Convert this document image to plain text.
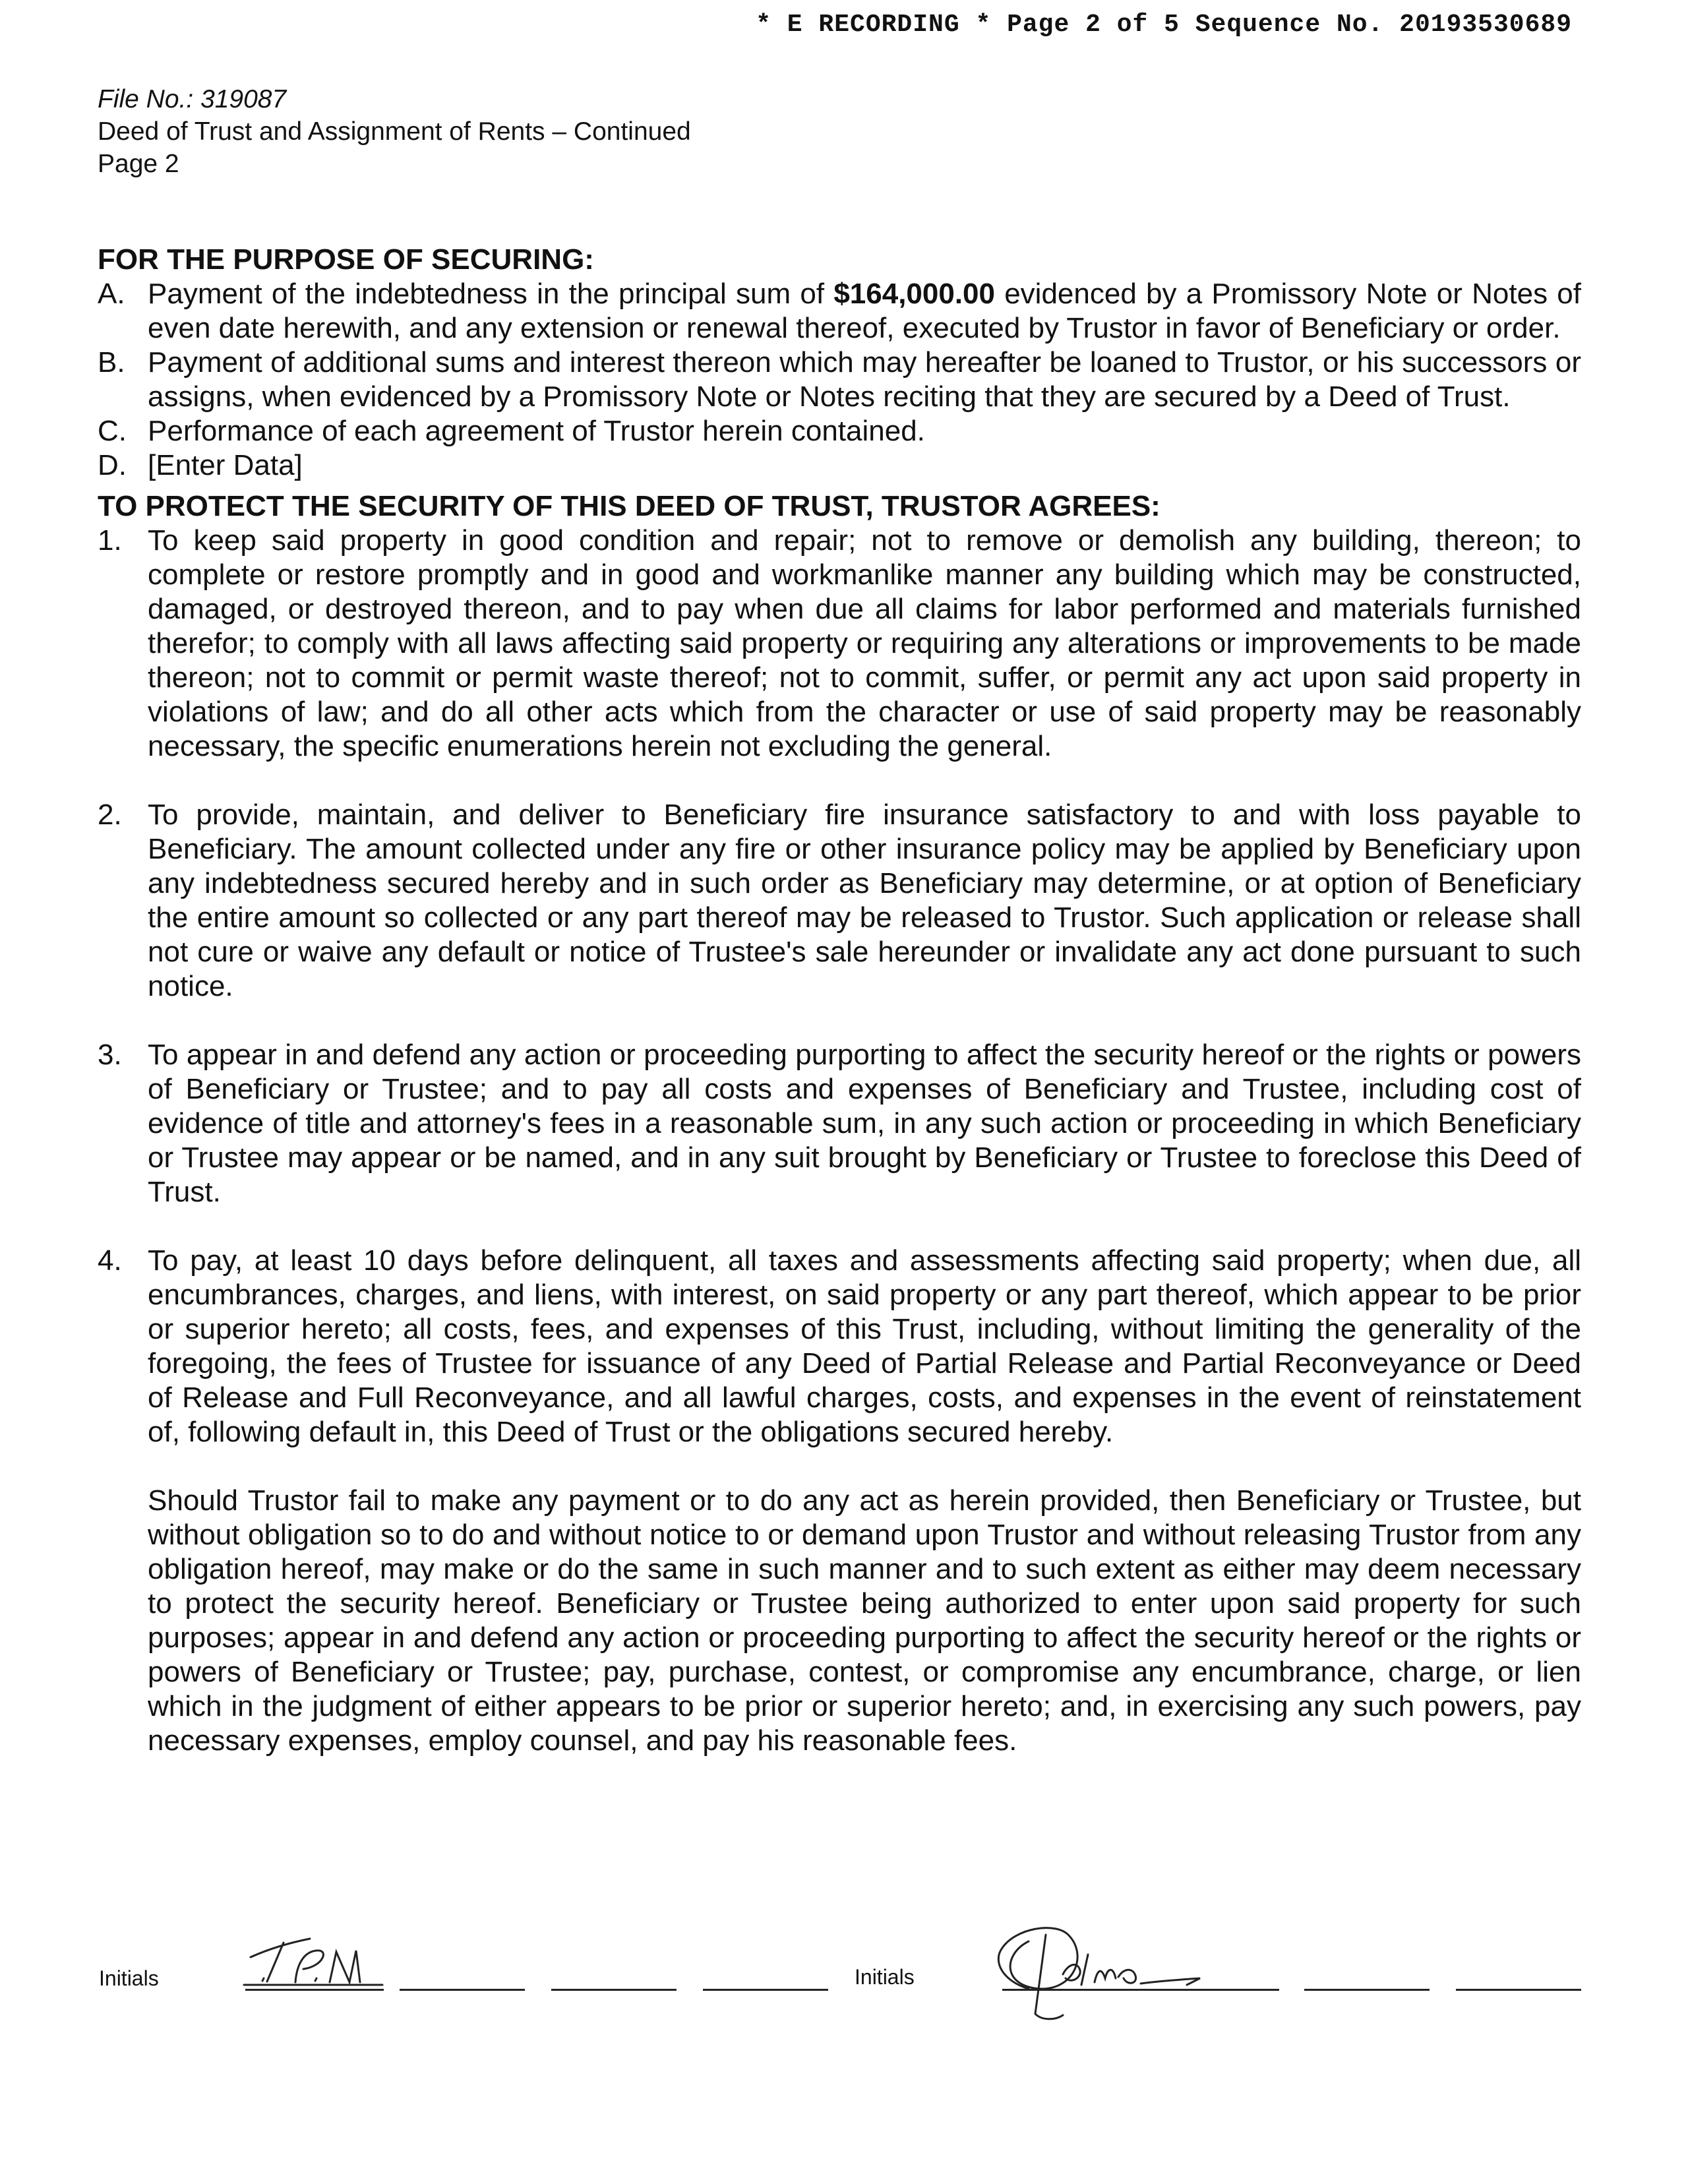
* E RECORDING * Page 2 of 5 Sequence No. 20193530689
File No.: 319087
Deed of Trust and Assignment of Rents – Continued
Page 2

FOR THE PURPOSE OF SECURING:

A. Payment of the indebtedness in the principal sum of $164,000.00 evidenced by a Promissory Note or Notes of even date herewith, and any extension or renewal thereof, executed by Trustor in favor of Beneficiary or order.
B. Payment of additional sums and interest thereon which may hereafter be loaned to Trustor, or his successors or assigns, when evidenced by a Promissory Note or Notes reciting that they are secured by a Deed of Trust.
C. Performance of each agreement of Trustor herein contained.
D. [Enter Data]

TO PROTECT THE SECURITY OF THIS DEED OF TRUST, TRUSTOR AGREES:

1. To keep said property in good condition and repair; not to remove or demolish any building, thereon; to complete or restore promptly and in good and workmanlike manner any building which may be constructed, damaged, or destroyed thereon, and to pay when due all claims for labor performed and materials furnished therefor; to comply with all laws affecting said property or requiring any alterations or improvements to be made thereon; not to commit or permit waste thereof; not to commit, suffer, or permit any act upon said property in violations of law; and do all other acts which from the character or use of said property may be reasonably necessary, the specific enumerations herein not excluding the general.
2. To provide, maintain, and deliver to Beneficiary fire insurance satisfactory to and with loss payable to Beneficiary. The amount collected under any fire or other insurance policy may be applied by Beneficiary upon any indebtedness secured hereby and in such order as Beneficiary may determine, or at option of Beneficiary the entire amount so collected or any part thereof may be released to Trustor. Such application or release shall not cure or waive any default or notice of Trustee's sale hereunder or invalidate any act done pursuant to such notice.
3. To appear in and defend any action or proceeding purporting to affect the security hereof or the rights or powers of Beneficiary or Trustee; and to pay all costs and expenses of Beneficiary and Trustee, including cost of evidence of title and attorney's fees in a reasonable sum, in any such action or proceeding in which Beneficiary or Trustee may appear or be named, and in any suit brought by Beneficiary or Trustee to foreclose this Deed of Trust.
4. To pay, at least 10 days before delinquent, all taxes and assessments affecting said property; when due, all encumbrances, charges, and liens, with interest, on said property or any part thereof, which appear to be prior or superior hereto; all costs, fees, and expenses of this Trust, including, without limiting the generality of the foregoing, the fees of Trustee for issuance of any Deed of Partial Release and Partial Reconveyance or Deed of Release and Full Reconveyance, and all lawful charges, costs, and expenses in the event of reinstatement of, following default in, this Deed of Trust or the obligations secured hereby.
Should Trustor fail to make any payment or to do any act as herein provided, then Beneficiary or Trustee, but without obligation so to do and without notice to or demand upon Trustor and without releasing Trustor from any obligation hereof, may make or do the same in such manner and to such extent as either may deem necessary to protect the security hereof. Beneficiary or Trustee being authorized to enter upon said property for such purposes; appear in and defend any action or proceeding purporting to affect the security hereof or the rights or powers of Beneficiary or Trustee; pay, purchase, contest, or compromise any encumbrance, charge, or lien which in the judgment of either appears to be prior or superior hereto; and, in exercising any such powers, pay necessary expenses, employ counsel, and pay his reasonable fees.
Initials	Initials
